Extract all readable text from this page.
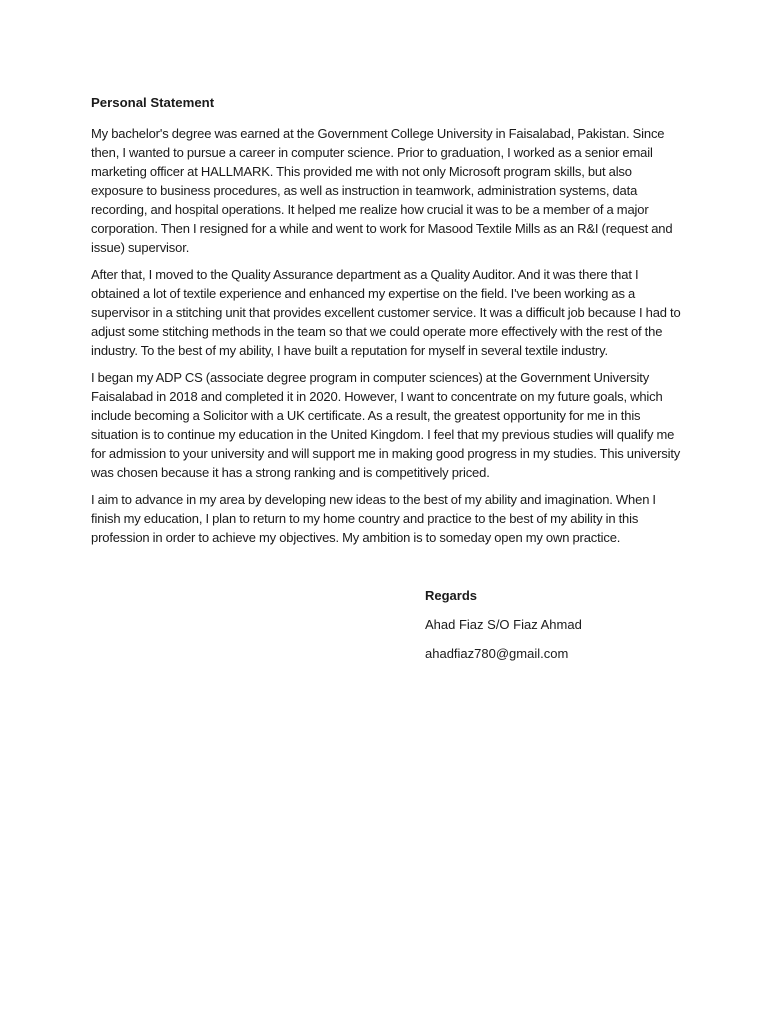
Personal Statement

My bachelor's degree was earned at the Government College University in Faisalabad, Pakistan. Since then, I wanted to pursue a career in computer science. Prior to graduation, I worked as a senior email marketing officer at HALLMARK. This provided me with not only Microsoft program skills, but also exposure to business procedures, as well as instruction in teamwork, administration systems, data recording, and hospital operations. It helped me realize how crucial it was to be a member of a major corporation. Then I resigned for a while and went to work for Masood Textile Mills as an R&I (request and issue) supervisor.

After that, I moved to the Quality Assurance department as a Quality Auditor. And it was there that I obtained a lot of textile experience and enhanced my expertise on the field. I've been working as a supervisor in a stitching unit that provides excellent customer service. It was a difficult job because I had to adjust some stitching methods in the team so that we could operate more effectively with the rest of the industry. To the best of my ability, I have built a reputation for myself in several textile industry.

I began my ADP CS (associate degree program in computer sciences) at the Government University Faisalabad in 2018 and completed it in 2020. However, I want to concentrate on my future goals, which include becoming a Solicitor with a UK certificate. As a result, the greatest opportunity for me in this situation is to continue my education in the United Kingdom. I feel that my previous studies will qualify me for admission to your university and will support me in making good progress in my studies. This university was chosen because it has a strong ranking and is competitively priced.

I aim to advance in my area by developing new ideas to the best of my ability and imagination. When I finish my education, I plan to return to my home country and practice to the best of my ability in this profession in order to achieve my objectives. My ambition is to someday open my own practice.

Regards
Ahad Fiaz S/O Fiaz Ahmad
ahadfiaz780@gmail.com
